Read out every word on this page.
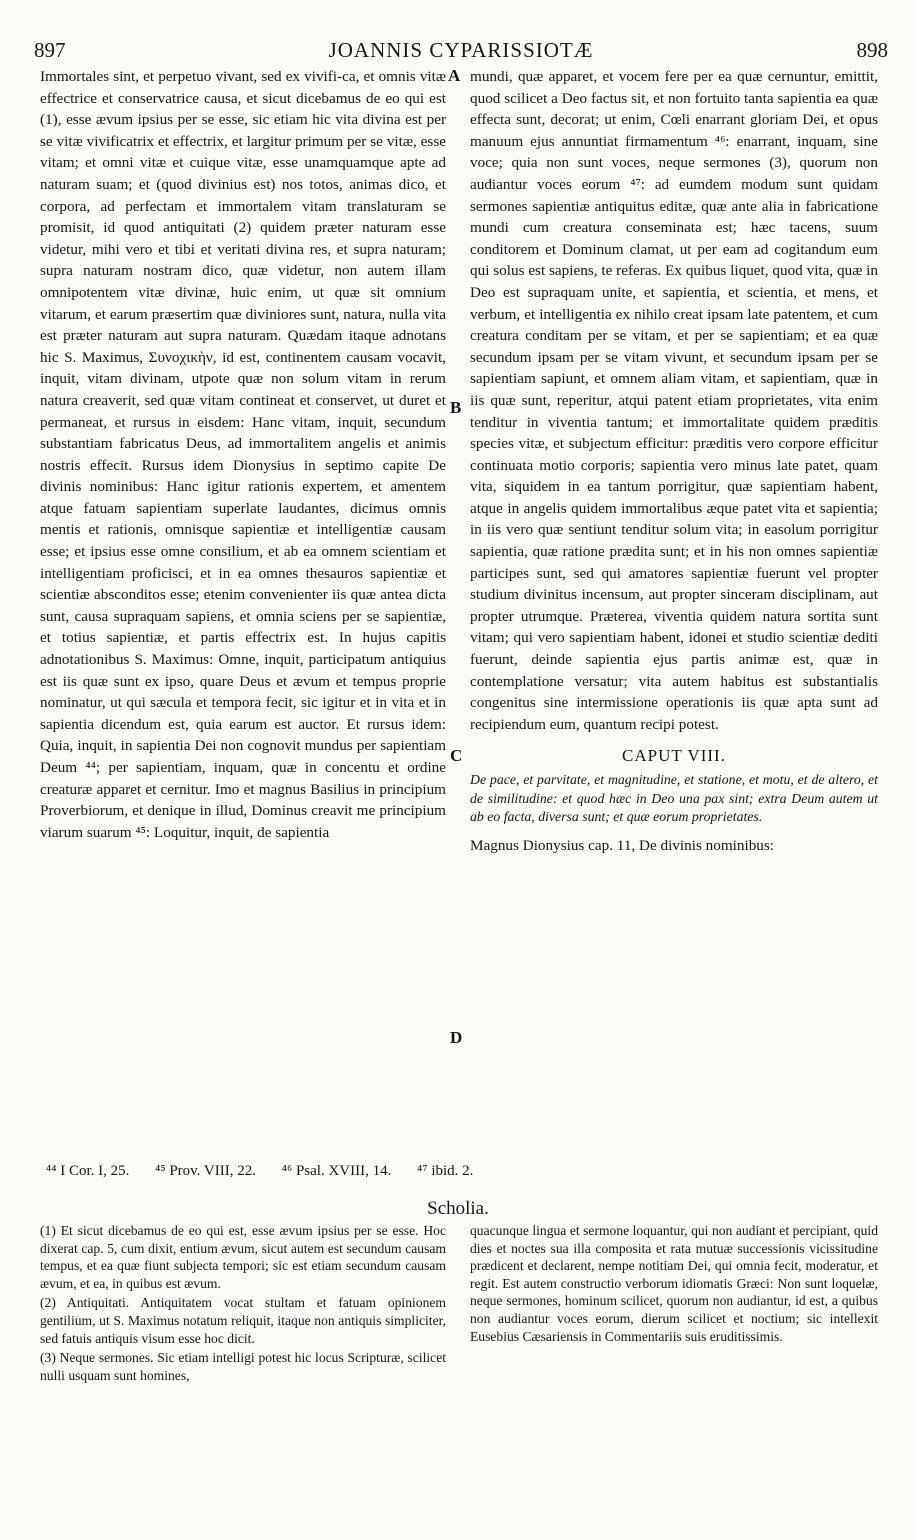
897	JOANNIS CYPARISSIOTÆ	898

Immortales sint, et perpetuo vivant, sed ex vivifi-ca, et omnis vitæ effectrice et conservatrice causa, et sicut dicebamus de eo qui est (1), esse ævum ipsius per se esse, sic etiam hic vita divina est per se vitæ vivificatrix et effectrix, et largitur primum per se vitæ, esse vitam; et omni vitæ et cuique vitæ, esse unamquamque apte ad naturam suam; et (quod divinius est) nos totos, animas dico, et corpora, ad perfectam et immortalem vitam translaturam se promisit, id quod antiquitati (2) quidem præter naturam esse videtur, mihi vero et tibi et veritati divina res, et supra naturam; supra naturam nostram dico, quæ videtur, non autem illam omnipotentem vitæ divinæ, huic enim, ut quæ sit omnium vitarum, et earum præsertim quæ diviniores sunt, natura, nulla vita est præter naturam aut supra naturam. Quædam itaque adnotans hic S. Maximus, Συνοχικὴν, id est, continentem causam vocavit, inquit, vitam divinam, utpote quæ non solum vitam in rerum natura creaverit, sed quæ vitam contineat et conservet, ut duret et permaneat, et rursus in eisdem: Hanc vitam, inquit, secundum substantiam fabricatus Deus, ad immortalitem angelis et animis nostris effecit. Rursus idem Dionysius in septimo capite De divinis nominibus: Hanc igitur rationis expertem, et amentem atque fatuam sapientiam superlate laudantes, dicimus omnis mentis et rationis, omnisque sapientiæ et intelligentiæ causam esse; et ipsius esse omne consilium, et ab ea omnem scientiam et intelligentiam proficisci, et in ea omnes thesauros sapientiæ et scientiæ absconditos esse; etenim convenienter iis quæ antea dicta sunt, causa supraquam sapiens, et omnia sciens per se sapientiæ, et totius sapientiæ, et partis effectrix est. In hujus capitis adnotationibus S. Maximus: Omne, inquit, participatum antiquius est iis quæ sunt ex ipso, quare Deus et ævum et tempus proprie nominatur, ut qui sæcula et tempora fecit, sic igitur et in vita et in sapientia dicendum est, quia earum est auctor. Et rursus idem: Quia, inquit, in sapientia Dei non cognovit mundus per sapientiam Deum ⁴⁴; per sapientiam, inquam, quæ in concentu et ordine creaturæ apparet et cernitur. Imo et magnus Basilius in principium Proverbiorum, et denique in illud, Dominus creavit me principium viarum suarum ⁴⁵: Loquitur, inquit, de sapientia

A
B
C
D

mundi, quæ apparet, et vocem fere per ea quæ cernuntur, emittit, quod scilicet a Deo factus sit, et non fortuito tanta sapientia ea quæ effecta sunt, decorat; ut enim, Cœli enarrant gloriam Dei, et opus manuum ejus annuntiat firmamentum ⁴⁶: enarrant, inquam, sine voce; quia non sunt voces, neque sermones (3), quorum non audiantur voces eorum ⁴⁷: ad eumdem modum sunt quidam sermones sapientiæ antiquitus editæ, quæ ante alia in fabricatione mundi cum creatura conseminata est; hæc tacens, suum conditorem et Dominum clamat, ut per eam ad cogitandum eum qui solus est sapiens, te referas. Ex quibus liquet, quod vita, quæ in Deo est supraquam unite, et sapientia, et scientia, et mens, et verbum, et intelligentia ex nihilo creat ipsam late patentem, et cum creatura conditam per se vitam, et per se sapientiam; et ea quæ secundum ipsam per se vitam vivunt, et secundum ipsam per se sapientiam sapiunt, et omnem aliam vitam, et sapientiam, quæ in iis quæ sunt, reperitur, atqui patent etiam proprietates, vita enim tenditur in viventia tantum; et immortalitate quidem præditis species vitæ, et subjectum efficitur: præditis vero corpore efficitur continuata motio corporis; sapientia vero minus late patet, quam vita, siquidem in ea tantum porrigitur, quæ sapientiam habent, atque in angelis quidem immortalibus æque patet vita et sapientia; in iis vero quæ sentiunt tenditur solum vita; in easolum porrigitur sapientia, quæ ratione prædita sunt; et in his non omnes sapientiæ participes sunt, sed qui amatores sapientiæ fuerunt vel propter studium divinitus incensum, aut propter sinceram disciplinam, aut propter utrumque. Præterea, viventia quidem natura sortita sunt vitam; qui vero sapientiam habent, idonei et studio scientiæ dediti fuerunt, deinde sapientia ejus partis animæ est, quæ in contemplatione versatur; vita autem habitus est substantialis congenitus sine intermissione operationis iis quæ apta sunt ad recipiendum eum, quantum recipi potest.

CAPUT VIII.

De pace, et parvitate, et magnitudine, et statione, et motu, et de altero, et de similitudine: et quod hæc in Deo una pax sint; extra Deum autem ut ab eo facta, diversa sunt; et quæ eorum proprietates.

Magnus Dionysius cap. 11, De divinis nominibus:

⁴⁴ I Cor. I, 25. ⁴⁵ Prov. VIII, 22. ⁴⁶ Psal. XVIII, 14. ⁴⁷ ibid. 2.
Scholia.

(1) Et sicut dicebamus de eo qui est, esse ævum ipsius per se esse. Hoc dixerat cap. 5, cum dixit, entium ævum, sicut autem est secundum causam tempus, et ea quæ fiunt subjecta tempori; sic est etiam secundum causam ævum, et ea, in quibus est ævum.

(2) Antiquitati. Antiquitatem vocat stultam et fatuam opinionem gentilium, ut S. Maximus notatum reliquit, itaque non antiquis simpliciter, sed fatuis antiquis visum esse hoc dicit.

(3) Neque sermones. Sic etiam intelligi potest hic locus Scripturæ, scilicet nulli usquam sunt homines,

quacunque lingua et sermone loquantur, qui non audiant et percipiant, quid dies et noctes sua illa composita et rata mutuæ successionis vicissitudine prædicent et declarent, nempe notitiam Dei, qui omnia fecit, moderatur, et regit. Est autem constructio verborum idiomatis Græci: Non sunt loquelæ, neque sermones, hominum scilicet, quorum non audiantur, id est, a quibus non audiantur voces eorum, dierum scilicet et noctium; sic intellexit Eusebius Cæsariensis in Commentariis suis eruditissimis.
